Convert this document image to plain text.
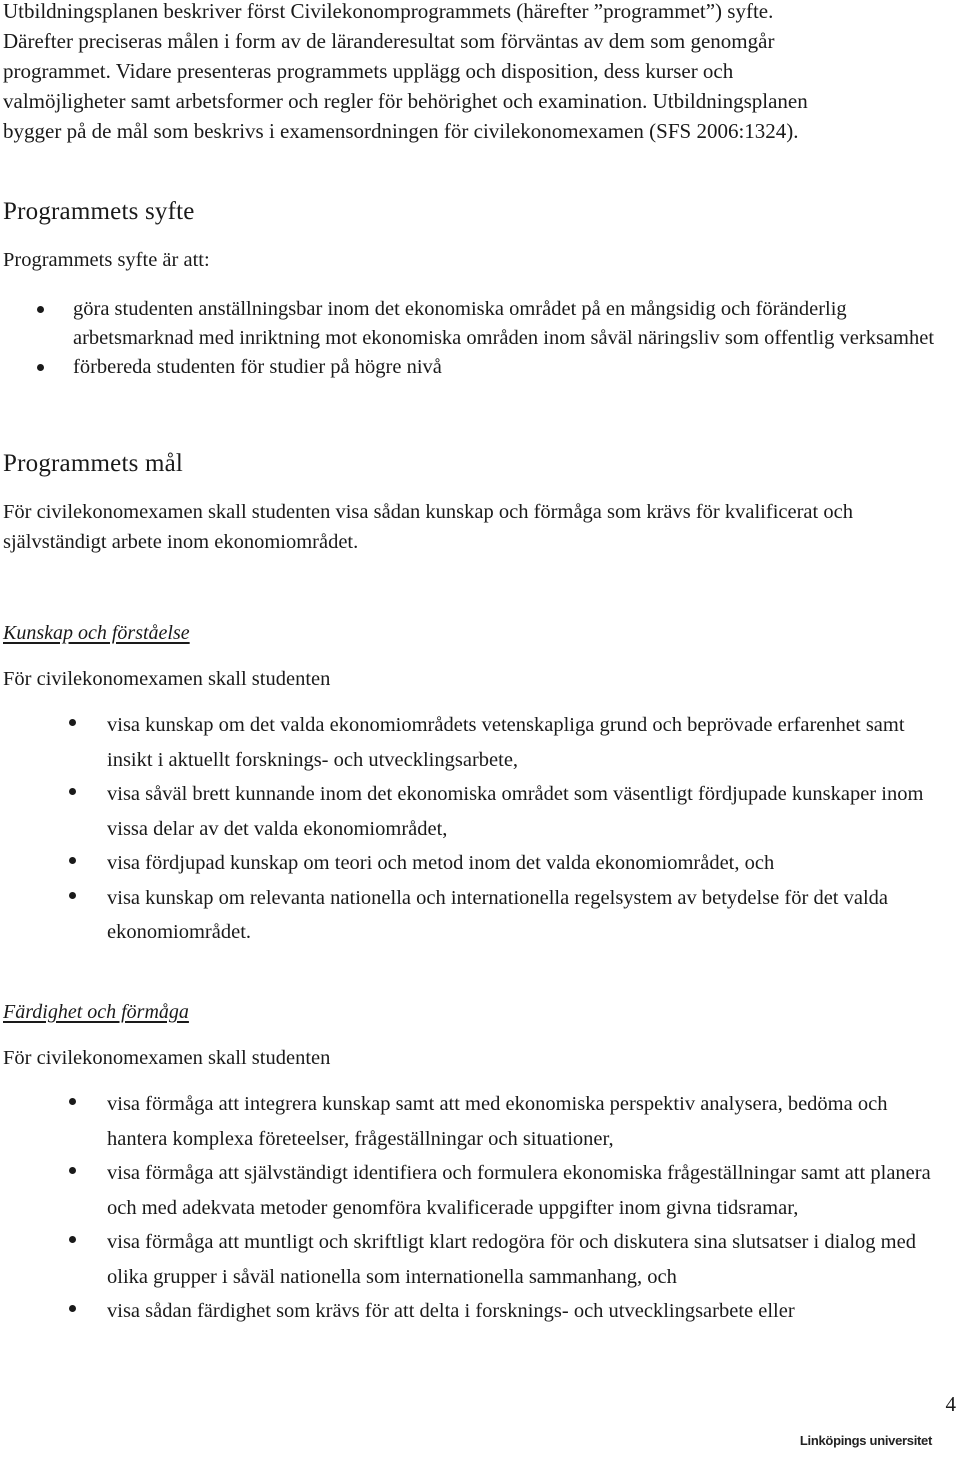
Utbildningsplanen beskriver först Civilekonomprogrammets (härefter ”programmet”) syfte.
Därefter preciseras målen i form av de läranderesultat som förväntas av dem som genomgår
programmet. Vidare presenteras programmets upplägg och disposition, dess kurser och
valmöjligheter samt arbetsformer och regler för behörighet och examination. Utbildningsplanen
bygger på de mål som beskrivs i examensordningen för civilekonomexamen (SFS 2006:1324).
Programmets syfte

Programmets syfte är att:

göra studenten anställningsbar inom det ekonomiska området på en mångsidig och föränderlig arbetsmarknad med inriktning mot ekonomiska områden inom såväl näringsliv som offentlig verksamhet
förbereda studenten för studier på högre nivå
Programmets mål

För civilekonomexamen skall studenten visa sådan kunskap och förmåga som krävs för kvalificerat och självständigt arbete inom ekonomiområdet.

Kunskap och förståelse

För civilekonomexamen skall studenten

visa kunskap om det valda ekonomiområdets vetenskapliga grund och beprövade erfarenhet samt insikt i aktuellt forsknings- och utvecklingsarbete,
visa såväl brett kunnande inom det ekonomiska området som väsentligt fördjupade kunskaper inom vissa delar av det valda ekonomiområdet,
visa fördjupad kunskap om teori och metod inom det valda ekonomiområdet, och
visa kunskap om relevanta nationella och internationella regelsystem av betydelse för det valda ekonomiområdet.
Färdighet och förmåga

För civilekonomexamen skall studenten

visa förmåga att integrera kunskap samt att med ekonomiska perspektiv analysera, bedöma och hantera komplexa företeelser, frågeställningar och situationer,
visa förmåga att självständigt identifiera och formulera ekonomiska frågeställningar samt att planera och med adekvata metoder genomföra kvalificerade uppgifter inom givna tidsramar,
visa förmåga att muntligt och skriftligt klart redogöra för och diskutera sina slutsatser i dialog med olika grupper i såväl nationella som internationella sammanhang, och
visa sådan färdighet som krävs för att delta i forsknings- och utvecklingsarbete eller
4
Linköpings universitet
